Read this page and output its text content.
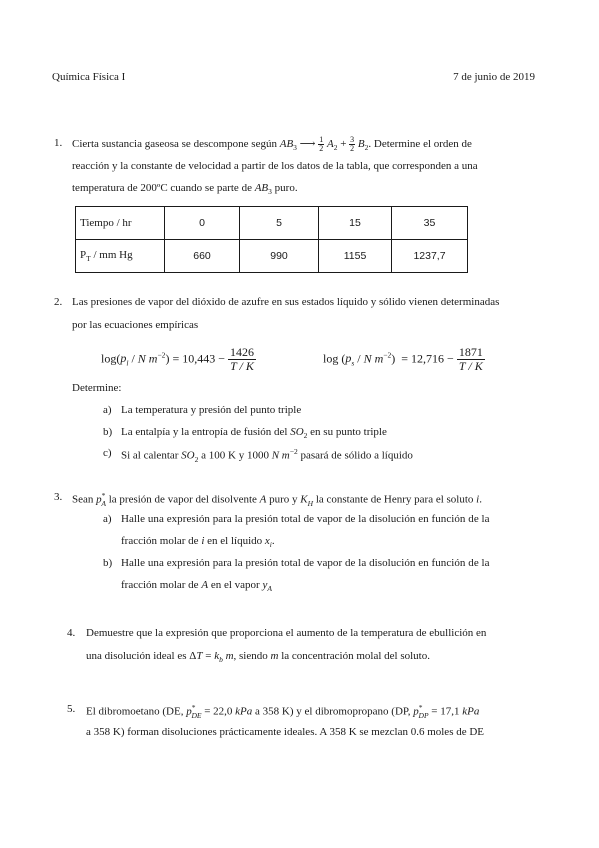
Química Física I	7 de junio de 2019
1. Cierta sustancia gaseosa se descompone según $AB_3$ ⟶ $\frac{1}{2} A_2 + \frac{3}{2} B_2$. Determine el orden de
reacción y la constante de velocidad a partir de los datos de la tabla, que corresponden a una
temperatura de 200ºC cuando se parte de $AB_3$ puro.
Tiempo / hr	0	5	15	35
$P_T$ / mm Hg	660	990	1155	1237,7
2. Las presiones de vapor del dióxido de azufre en sus estados líquido y sólido vienen determinadas
por las ecuaciones empíricas
$\log(p_l$ / N $m^{-2}) = 10,443 - \frac{1426}{T / K}$	$\log (p_s$ / N $m^{-2}) = 12,716 - \frac{1871}{T / K}$
Determine:
a) La temperatura y presión del punto triple
b) La entalpía y la entropía de fusión del $SO_2$ en su punto triple
c) Si al calentar $SO_2$ a 100 K y 1000 N $m^{-2}$ pasará de sólido a líquido
3. Sean $p^*_A$ la presión de vapor del disolvente A puro y $K_H$ la constante de Henry para el soluto i.
a) Halle una expresión para la presión total de vapor de la disolución en función de la
fracción molar de i en el líquido $x_i$.
b) Halle una expresión para la presión total de vapor de la disolución en función de la
fracción molar de A en el vapor $y_A$
4. Demuestre que la expresión que proporciona el aumento de la temperatura de ebullición en
una disolución ideal es $\Delta T = k_b$ m, siendo m la concentración molal del soluto.
5. El dibromoetano (DE, $p^*_{DE} = 22,0$ kPa a 358 K) y el dibromopropano (DP, $p^*_{DP} = 17,1$ kPa
a 358 K) forman disoluciones prácticamente ideales. A 358 K se mezclan 0.6 moles de DE
